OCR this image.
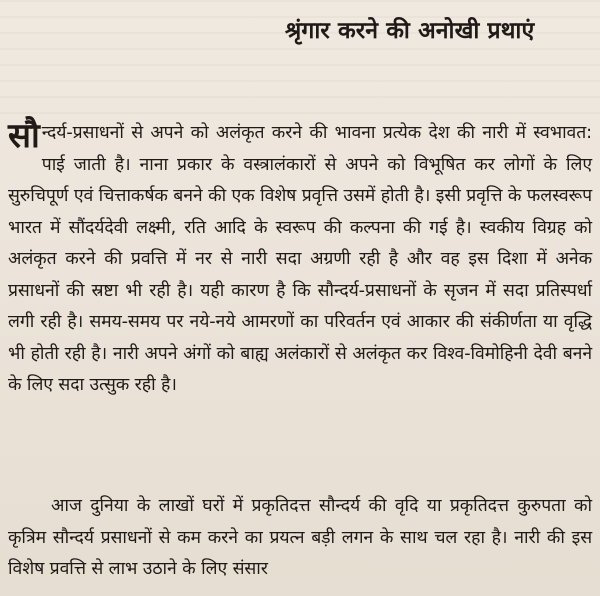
श्रृंगार करने की अनोखी प्रथाएं
सौ न्दर्य-प्रसाधनों से अपने को अलंकृत करने की भावना प्रत्येक देश की नारी में स्वभावत: पाई जाती है। नाना प्रकार के वस्त्रालंकारों से अपने को विभूषित कर लोगों के लिए सुरुचिपूर्ण एवं चित्ताकर्षक बनने की एक विशेष प्रवृत्ति उसमें होती है। इसी प्रवृत्ति के फलस्वरूप भारत में सौंदर्यदेवी लक्ष्मी, रति आदि के स्वरूप की कल्पना की गई है। स्वकीय विग्रह को अलंकृत करने की प्रवत्ति में नर से नारी सदा अग्रणी रही है और वह इस दिशा में अनेक प्रसाधनों की स्रष्टा भी रही है। यही कारण है कि सौन्दर्य-प्रसाधनों के सृजन में सदा प्रतिस्पर्धा लगी रही है। समय-समय पर नये-नये आमरणों का परिवर्तन एवं आकार की संकीर्णता या वृद्धि भी होती रही है। नारी अपने अंगों को बाह्य अलंकारों से अलंकृत कर विश्व-विमोहिनी देवी बनने के लिए सदा उत्सुक रही है।
आज दुनिया के लाखों घरों में प्रकृतिदत्त सौन्दर्य की वृदि या प्रकृतिदत्त कुरुपता को कृत्रिम सौन्दर्य प्रसाधनों से कम करने का प्रयत्न बड़ी लगन के साथ चल रहा है। नारी की इस विशेष प्रवत्ति से लाभ उठाने के लिए संसार
